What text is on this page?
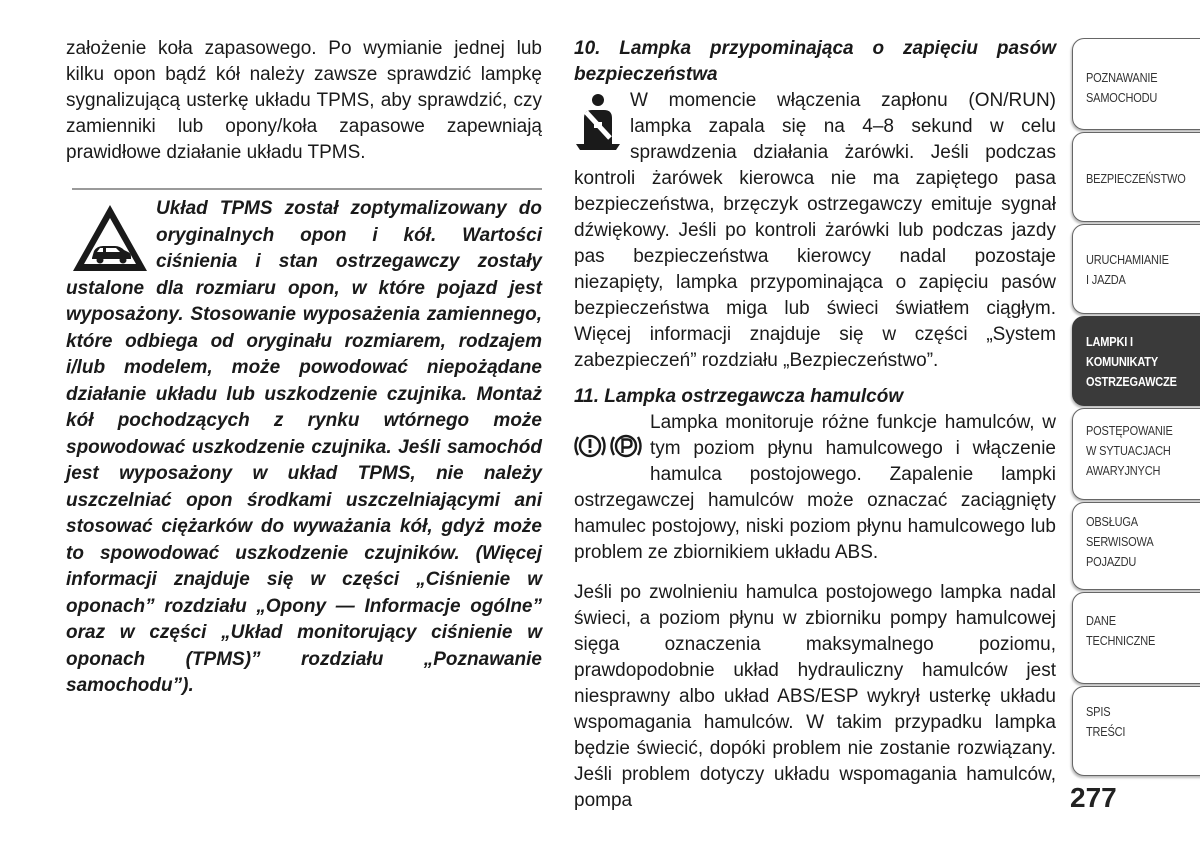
założenie koła zapasowego. Po wymianie jednej lub kilku opon bądź kół należy zawsze sprawdzić lampkę sygnalizującą usterkę układu TPMS, aby sprawdzić, czy zamienniki lub opony/koła zapasowe zapewniają prawidłowe działanie układu TPMS.

Układ TPMS został zoptymalizowany do oryginalnych opon i kół. Wartości ciśnienia i stan ostrzegawczy zostały ustalone dla rozmiaru opon, w które pojazd jest wyposażony. Stosowanie wyposażenia zamiennego, które odbiega od oryginału rozmiarem, rodzajem i/lub modelem, może powodować niepożądane działanie układu lub uszkodzenie czujnika. Montaż kół pochodzących z rynku wtórnego może spowodować uszkodzenie czujnika. Jeśli samochód jest wyposażony w układ TPMS, nie należy uszczelniać opon środkami uszczelniającymi ani stosować ciężarków do wyważania kół, gdyż może to spowodować uszkodzenie czujników. (Więcej informacji znajduje się w części „Ciśnienie w oponach” rozdziału „Opony — Informacje ogólne” oraz w części „Układ monitorujący ciśnienie w oponach (TPMS)” rozdziału „Poznawanie samochodu”).

10. Lampka przypominająca o zapięciu pasów bezpieczeństwa

W momencie włączenia zapłonu (ON/RUN) lampka zapala się na 4–8 sekund w celu sprawdzenia działania żarówki. Jeśli podczas kontroli żarówek kierowca nie ma zapiętego pasa bezpieczeństwa, brzęczyk ostrzegawczy emituje sygnał dźwiękowy. Jeśli po kontroli żarówki lub podczas jazdy pas bezpieczeństwa kierowcy nadal pozostaje niezapięty, lampka przypominająca o zapięciu pasów bezpieczeństwa miga lub świeci światłem ciągłym. Więcej informacji znajduje się w części „System zabezpieczeń” rozdziału „Bezpieczeństwo”.

11. Lampka ostrzegawcza hamulców

Lampka monitoruje różne funkcje hamulców, w tym poziom płynu hamulcowego i włączenie hamulca postojowego. Zapalenie lampki ostrzegawczej hamulców może oznaczać zaciągnięty hamulec postojowy, niski poziom płynu hamulcowego lub problem ze zbiornikiem układu ABS.

Jeśli po zwolnieniu hamulca postojowego lampka nadal świeci, a poziom płynu w zbiorniku pompy hamulcowej sięga oznaczenia maksymalnego poziomu, prawdopodobnie układ hydrauliczny hamulców jest niesprawny albo układ ABS/ESP wykrył usterkę układu wspomagania hamulców. W takim przypadku lampka będzie świecić, dopóki problem nie zostanie rozwiązany. Jeśli problem dotyczy układu wspomagania hamulców, pompa

POZNAWANIE
SAMOCHODU
BEZPIECZEŃSTWO
URUCHAMIANIE
I JAZDA
LAMPKI I
KOMUNIKATY
OSTRZEGAWCZE
POSTĘPOWANIE
W SYTUACJACH
AWARYJNYCH
OBSŁUGA
SERWISOWA
POJAZDU
DANE
TECHNICZNE
SPIS
TREŚCI
277
